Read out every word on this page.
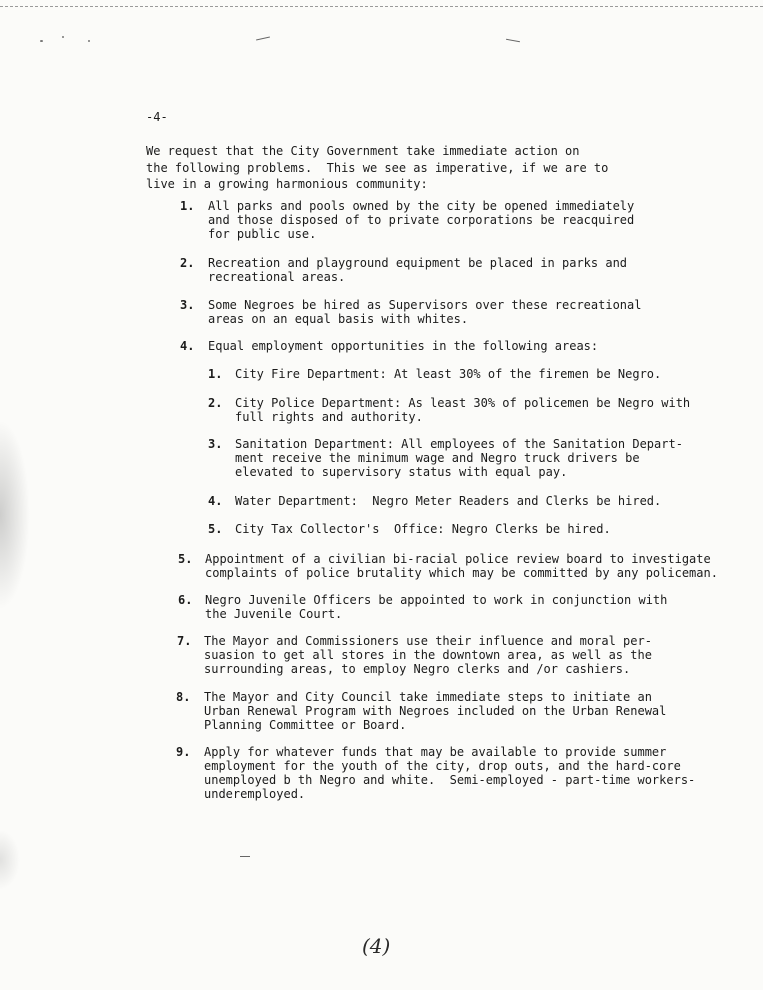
-4-
We request that the City Government take immediate action on
the following problems.  This we see as imperative, if we are to
live in a growing harmonious community:
1. All parks and pools owned by the city be opened immediately
and those disposed of to private corporations be reacquired
for public use.
2. Recreation and playground equipment be placed in parks and
recreational areas.
3. Some Negroes be hired as Supervisors over these recreational
areas on an equal basis with whites.
4. Equal employment opportunities in the following areas:
1. City Fire Department: At least 30% of the firemen be Negro.
2. City Police Department: As least 30% of policemen be Negro with
full rights and authority.
3. Sanitation Department: All employees of the Sanitation Depart-
ment receive the minimum wage and Negro truck drivers be
elevated to supervisory status with equal pay.
4. Water Department:  Negro Meter Readers and Clerks be hired.
5. City Tax Collector's  Office: Negro Clerks be hired.
5. Appointment of a civilian bi-racial police review board to investigate
complaints of police brutality which may be committed by any policeman.
6. Negro Juvenile Officers be appointed to work in conjunction with
the Juvenile Court.
7. The Mayor and Commissioners use their influence and moral per-
suasion to get all stores in the downtown area, as well as the
surrounding areas, to employ Negro clerks and /or cashiers.
8. The Mayor and City Council take immediate steps to initiate an
Urban Renewal Program with Negroes included on the Urban Renewal
Planning Committee or Board.
9. Apply for whatever funds that may be available to provide summer
employment for the youth of the city, drop outs, and the hard-core
unemployed b th Negro and white.  Semi-employed - part-time workers-
underemployed.
(4)
